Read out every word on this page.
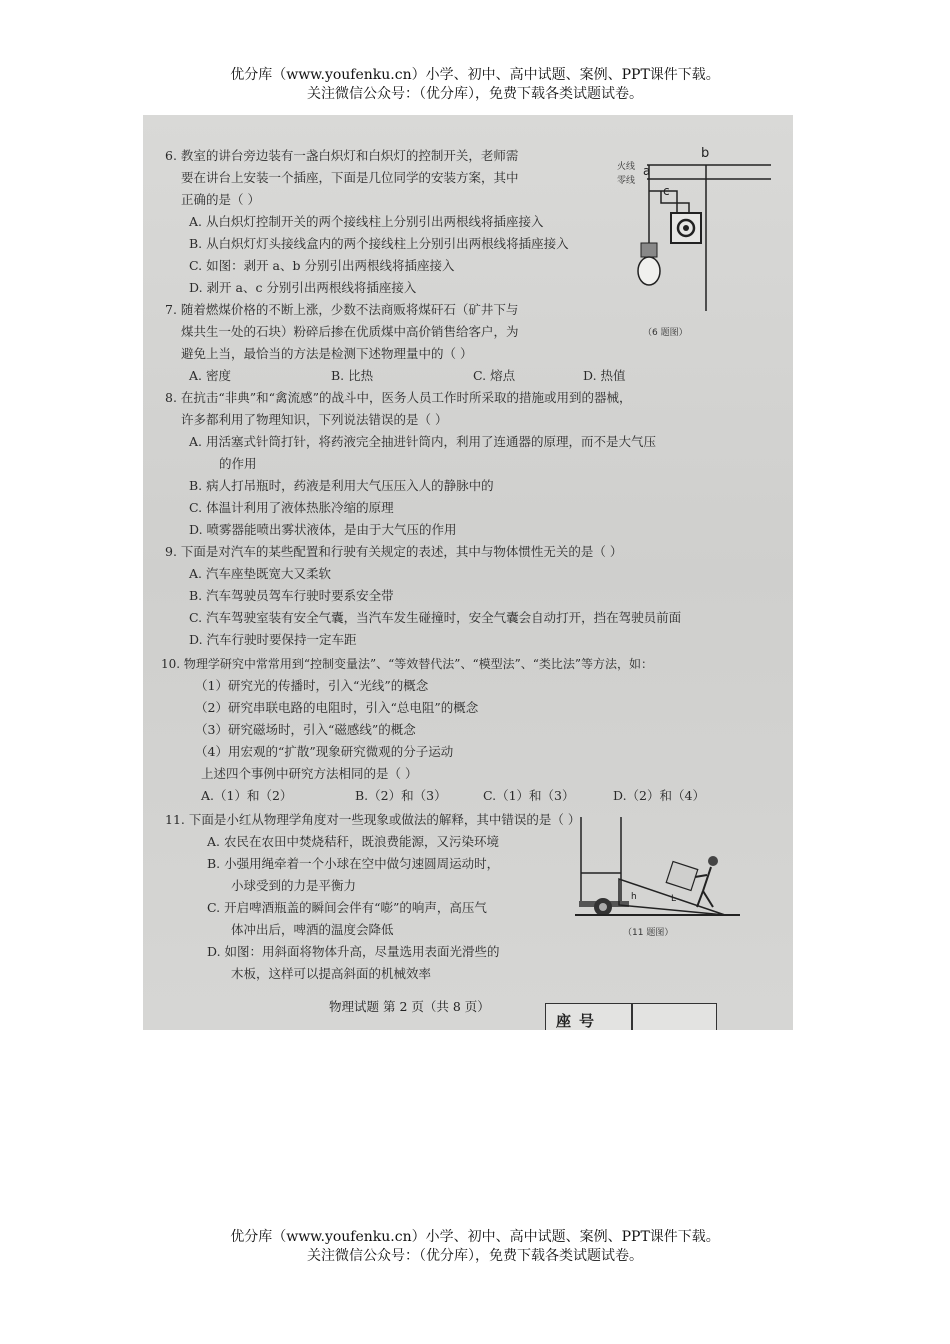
优分库（www.youfenku.cn）小学、初中、高中试题、案例、PPT课件下载。
关注微信公众号：（优分库），免费下载各类试题试卷。
6. 教室的讲台旁边装有一盏白炽灯和白炽灯的控制开关，老师需
要在讲台上安装一个插座，下面是几位同学的安装方案，其中
正确的是（ ）
A. 从白炽灯控制开关的两个接线柱上分别引出两根线将插座接入
B. 从白炽灯灯头接线盒内的两个接线柱上分别引出两根线将插座接入
C. 如图：剥开 a、b 分别引出两根线将插座接入
D. 剥开 a、c 分别引出两根线将插座接入
火线
零线
b
a
c
（6 题图）
7. 随着燃煤价格的不断上涨，少数不法商贩将煤矸石（矿井下与
煤共生一处的石块）粉碎后掺在优质煤中高价销售给客户，为
避免上当，最恰当的方法是检测下述物理量中的（ ）
A. 密度	B. 比热	C. 熔点	D. 热值
8. 在抗击“非典”和“禽流感”的战斗中，医务人员工作时所采取的措施或用到的器械，
许多都利用了物理知识，下列说法错误的是（ ）
A. 用活塞式针筒打针，将药液完全抽进针筒内，利用了连通器的原理，而不是大气压
的作用
B. 病人打吊瓶时，药液是利用大气压压入人的静脉中的
C. 体温计利用了液体热胀冷缩的原理
D. 喷雾器能喷出雾状液体，是由于大气压的作用
9. 下面是对汽车的某些配置和行驶有关规定的表述，其中与物体惯性无关的是（ ）
A. 汽车座垫既宽大又柔软
B. 汽车驾驶员驾车行驶时要系安全带
C. 汽车驾驶室装有安全气囊，当汽车发生碰撞时，安全气囊会自动打开，挡在驾驶员前面
D. 汽车行驶时要保持一定车距
10. 物理学研究中常常用到“控制变量法”、“等效替代法”、“模型法”、“类比法”等方法，如：
（1）研究光的传播时，引入“光线”的概念
（2）研究串联电路的电阻时，引入“总电阻”的概念
（3）研究磁场时，引入“磁感线”的概念
（4）用宏观的“扩散”现象研究微观的分子运动
上述四个事例中研究方法相同的是（ ）
A.（1）和（2）	B.（2）和（3）	C.（1）和（3）	D.（2）和（4）
11. 下面是小红从物理学角度对一些现象或做法的解释，其中错误的是（ ）
A. 农民在农田中焚烧秸秆，既浪费能源，又污染环境
B. 小强用绳牵着一个小球在空中做匀速圆周运动时，
小球受到的力是平衡力
C. 开启啤酒瓶盖的瞬间会伴有“嘭”的响声，高压气
体冲出后，啤酒的温度会降低
D. 如图：用斜面将物体升高，尽量选用表面光滑些的
木板，这样可以提高斜面的机械效率
h	L
（11 题图）
物理试题 第 2 页（共 8 页）
座号
优分库（www.youfenku.cn）小学、初中、高中试题、案例、PPT课件下载。
关注微信公众号：（优分库），免费下载各类试题试卷。
